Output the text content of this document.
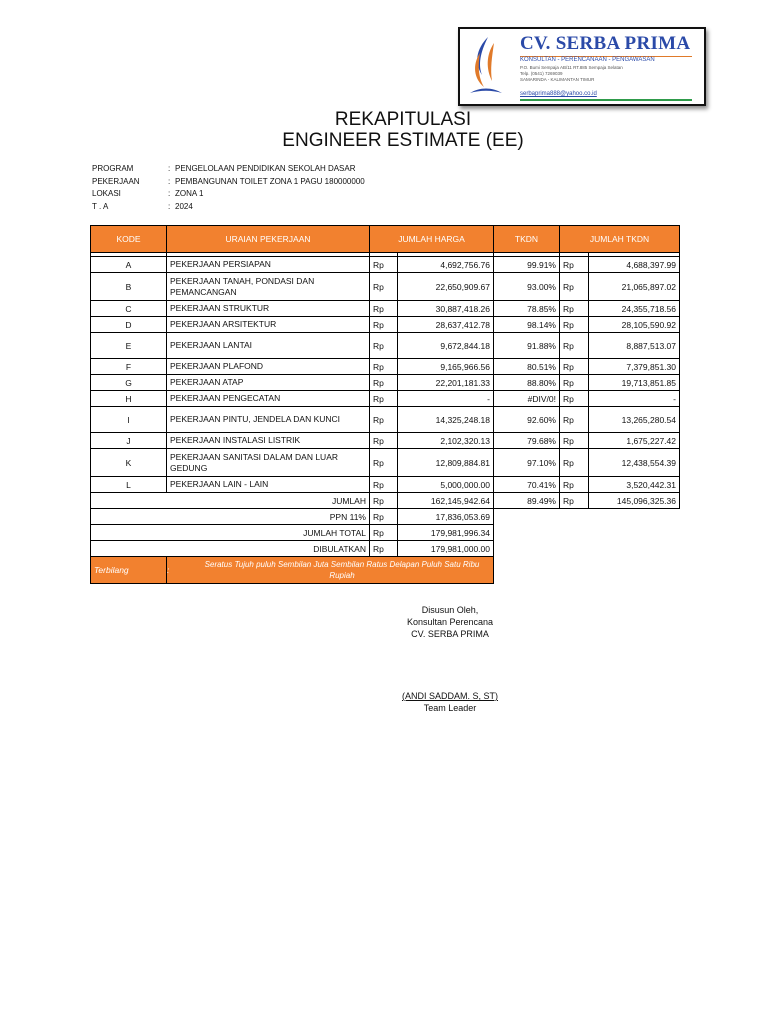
CV. SERBA PRIMA
KONSULTAN - PERENCANAAN - PENGAWASAN
P.O. Bumi Sempaja AB/11 RT.885 Sempaja Selatan
Telp. (0541) 7269039
SAMARINDA - KALIMANTAN TIMUR
serbaprima888@yahoo.co.id
REKAPITULASI
ENGINEER ESTIMATE (EE)
PROGRAM	: PENGELOLAAN PENDIDIKAN SEKOLAH DASAR
PEKERJAAN	: PEMBANGUNAN TOILET ZONA 1 PAGU 180000000
LOKASI	: ZONA 1
T . A	: 2024
KODE	URAIAN PEKERJAAN	JUMLAH HARGA		TKDN	JUMLAH TKDN	

A	PEKERJAAN PERSIAPAN	Rp	4,692,756.76	99.91%	Rp	4,688,397.99
B	PEKERJAAN TANAH, PONDASI DAN PEMANCANGAN	Rp	22,650,909.67	93.00%	Rp	21,065,897.02
C	PEKERJAAN STRUKTUR	Rp	30,887,418.26	78.85%	Rp	24,355,718.56
D	PEKERJAAN ARSITEKTUR	Rp	28,637,412.78	98.14%	Rp	28,105,590.92
E	PEKERJAAN LANTAI	Rp	9,672,844.18	91.88%	Rp	8,887,513.07
F	PEKERJAAN PLAFOND	Rp	9,165,966.56	80.51%	Rp	7,379,851.30
G	PEKERJAAN ATAP	Rp	22,201,181.33	88.80%	Rp	19,713,851.85
H	PEKERJAAN PENGECATAN	Rp	-	#DIV/0!	Rp	-
I	PEKERJAAN PINTU, JENDELA DAN KUNCI	Rp	14,325,248.18	92.60%	Rp	13,265,280.54
J	PEKERJAAN INSTALASI LISTRIK	Rp	2,102,320.13	79.68%	Rp	1,675,227.42
K	PEKERJAAN SANITASI DALAM DAN LUAR GEDUNG	Rp	12,809,884.81	97.10%	Rp	12,438,554.39
L	PEKERJAAN LAIN - LAIN	Rp	5,000,000.00	70.41%	Rp	3,520,442.31
JUMLAH		Rp	162,145,942.64	89.49%	Rp	145,096,325.36
PPN 11%		Rp	17,836,053.69			
JUMLAH TOTAL		Rp	179,981,996.34			
DIBULATKAN		Rp	179,981,000.00			
Terbilang	:
Seratus Tujuh puluh Sembilan Juta Sembilan Ratus Delapan Puluh Satu Ribu Rupiah					

Disusun Oleh,
Konsultan Perencana
CV. SERBA PRIMA
(ANDI SADDAM. S, ST)
Team Leader
